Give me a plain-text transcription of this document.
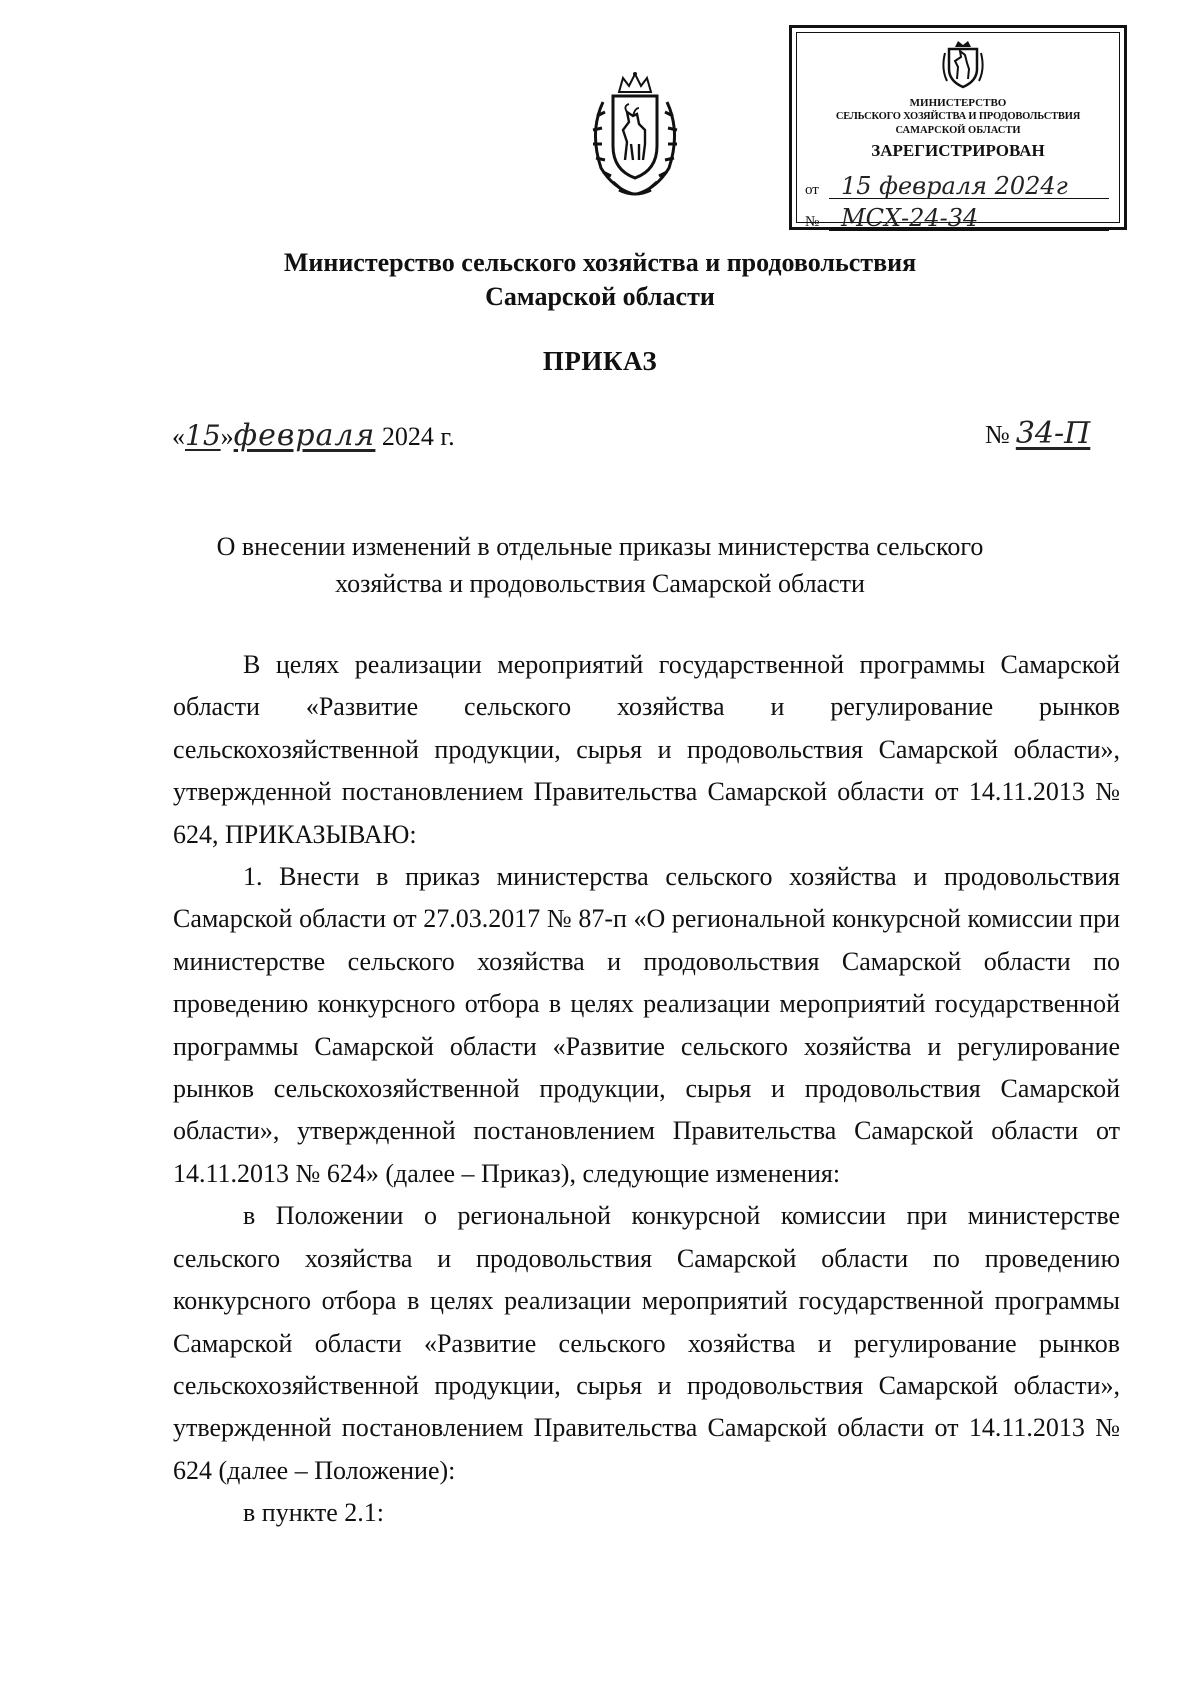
МИНИСТЕРСТВО
СЕЛЬСКОГО ХОЗЯЙСТВА И ПРОДОВОЛЬСТВИЯ
САМАРСКОЙ ОБЛАСТИ
ЗАРЕГИСТРИРОВАН
от 15 февраля 2024г
№ МСХ-24-34
Министерство сельского хозяйства и продовольствия
Самарской области
ПРИКАЗ
«15»февраля 2024 г.	№ 34-П
О внесении изменений в отдельные приказы министерства сельского
хозяйства и продовольствия Самарской области

В целях реализации мероприятий государственной программы Самарской области «Развитие сельского хозяйства и регулирование рынков сельскохозяйственной продукции, сырья и продовольствия Самарской области», утвержденной постановлением Правительства Самарской области от 14.11.2013 № 624, ПРИКАЗЫВАЮ:

1. Внести в приказ министерства сельского хозяйства и продовольствия Самарской области от 27.03.2017 № 87-п «О региональной конкурсной комиссии при министерстве сельского хозяйства и продовольствия Самарской области по проведению конкурсного отбора в целях реализации мероприятий государственной программы Самарской области «Развитие сельского хозяйства и регулирование рынков сельскохозяйственной продукции, сырья и продовольствия Самарской области», утвержденной постановлением Правительства Самарской области от 14.11.2013 № 624» (далее – Приказ), следующие изменения:

в Положении о региональной конкурсной комиссии при министерстве сельского хозяйства и продовольствия Самарской области по проведению конкурсного отбора в целях реализации мероприятий государственной программы Самарской области «Развитие сельского хозяйства и регулирование рынков сельскохозяйственной продукции, сырья и продовольствия Самарской области», утвержденной постановлением Правительства Самарской области от 14.11.2013 № 624 (далее – Положение):

в пункте 2.1:
